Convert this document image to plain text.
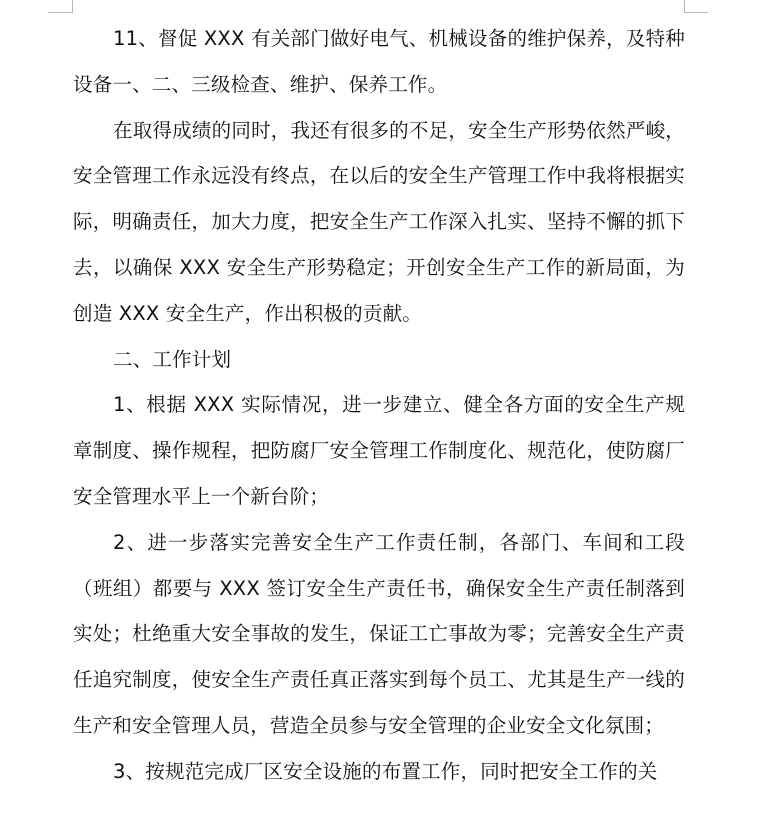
11、督促 XXX 有关部门做好电气、机械设备的维护保养，及特种设备一、二、三级检查、维护、保养工作。

在取得成绩的同时，我还有很多的不足，安全生产形势依然严峻，安全管理工作永远没有终点，在以后的安全生产管理工作中我将根据实际，明确责任，加大力度，把安全生产工作深入扎实、坚持不懈的抓下去，以确保 XXX 安全生产形势稳定；开创安全生产工作的新局面，为创造 XXX 安全生产，作出积极的贡献。

二、工作计划

1、根据 XXX 实际情况，进一步建立、健全各方面的安全生产规章制度、操作规程，把防腐厂安全管理工作制度化、规范化，使防腐厂安全管理水平上一个新台阶；

2、进一步落实完善安全生产工作责任制，各部门、车间和工段（班组）都要与 XXX 签订安全生产责任书，确保安全生产责任制落到实处；杜绝重大安全事故的发生，保证工亡事故为零；完善安全生产责任追究制度，使安全生产责任真正落实到每个员工、尤其是生产一线的生产和安全管理人员，营造全员参与安全管理的企业安全文化氛围；

3、按规范完成厂区安全设施的布置工作，同时把安全工作的关
